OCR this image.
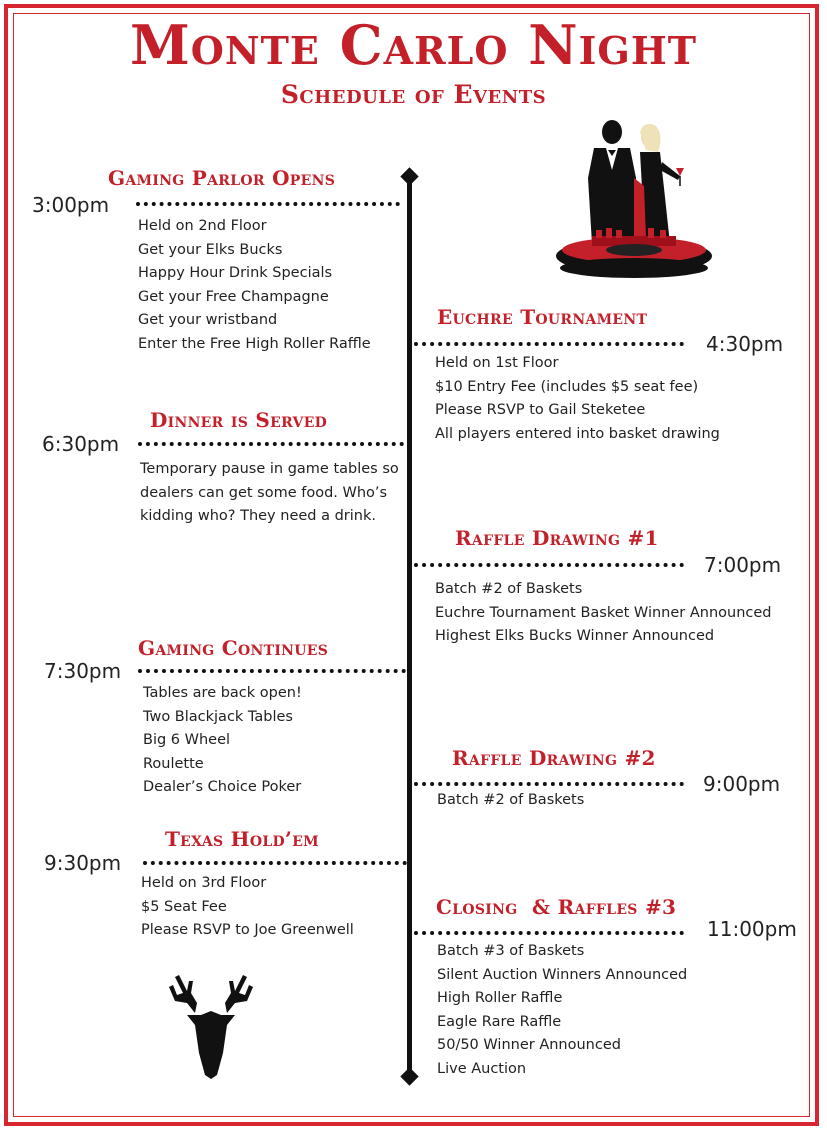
Monte Carlo Night
Schedule of Events
Gaming Parlor Opens
3:00pm
Held on 2nd Floor
Get your Elks Bucks
Happy Hour Drink Specials
Get your Free Champagne
Get your wristband
Enter the Free High Roller Raffle
Euchre Tournament
4:30pm
Held on 1st Floor
$10 Entry Fee (includes $5 seat fee)
Please RSVP to Gail Steketee
All players entered into basket drawing
Dinner is Served
6:30pm
Temporary pause in game tables so dealers can get some food. Who’s kidding who? They need a drink.
Raffle Drawing #1
7:00pm
Batch #2 of Baskets
Euchre Tournament Basket Winner Announced
Highest Elks Bucks Winner Announced
Gaming Continues
7:30pm
Tables are back open!
Two Blackjack Tables
Big 6 Wheel
Roulette
Dealer’s Choice Poker
Raffle Drawing #2
9:00pm
Batch #2 of Baskets
Texas Hold’em
9:30pm
Held on 3rd Floor
$5 Seat Fee
Please RSVP to Joe Greenwell
Closing  & Raffles #3
11:00pm
Batch #3 of Baskets
Silent Auction Winners Announced
High Roller Raffle
Eagle Rare Raffle
50/50 Winner Announced
Live Auction
